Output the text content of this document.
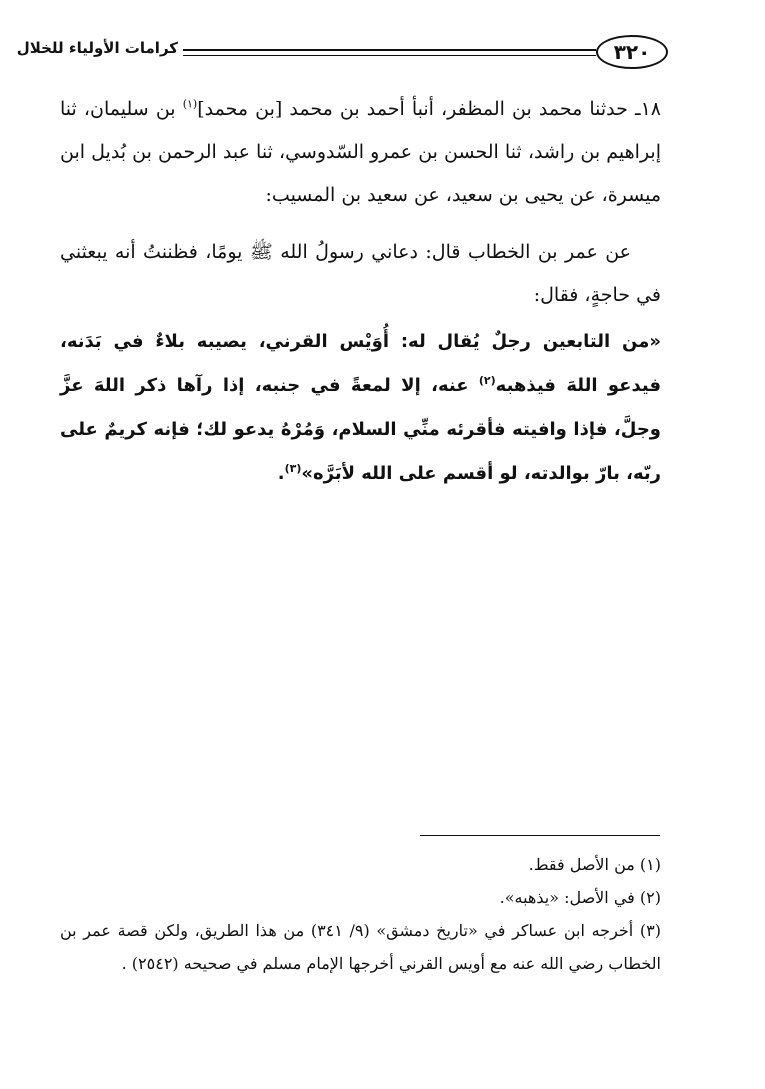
كرامات الأولياء للخلال	٣٢٠
١٨ـ حدثنا محمد بن المظفر، أنبأ أحمد بن محمد [بن محمد]$^{(١)}$ بن سليمان، ثنا إبراهيم بن راشد، ثنا الحسن بن عمرو السّدوسي، ثنا عبد الرحمن بن بُديل ابن ميسرة، عن يحيى بن سعيد، عن سعيد بن المسيب:
عن عمر بن الخطاب قال: دعاني رسولُ الله ﷺ يومًا، فظننتُ أنه يبعثني في حاجةٍ، فقال:
«من التابعين رجلٌ يُقال له: أُوَيْس القرني، يصيبه بلاءٌ في بَدَنه، فيدعو اللهَ فيذهبه$^{(٢)}$ عنه، إلا لمعةً في جنبه، إذا رآها ذكر اللهَ عزَّ وجلَّ، فإذا وافيته فأقرئه منِّي السلام، وَمُرْهُ يدعو لك؛ فإنه كريمٌ على ربّه، بارّ بوالدته، لو أقسم على الله لأبَرَّه»$^{(٣)}$.

(١) من الأصل فقط.

(٢) في الأصل: «يذهبه».

(٣) أخرجه ابن عساكر في «تاريخ دمشق» (٩/ ٣٤١) من هذا الطريق، ولكن قصة عمر بن الخطاب رضي الله عنه مع أويس القرني أخرجها الإمام مسلم في صحيحه (٢٥٤٢) .
